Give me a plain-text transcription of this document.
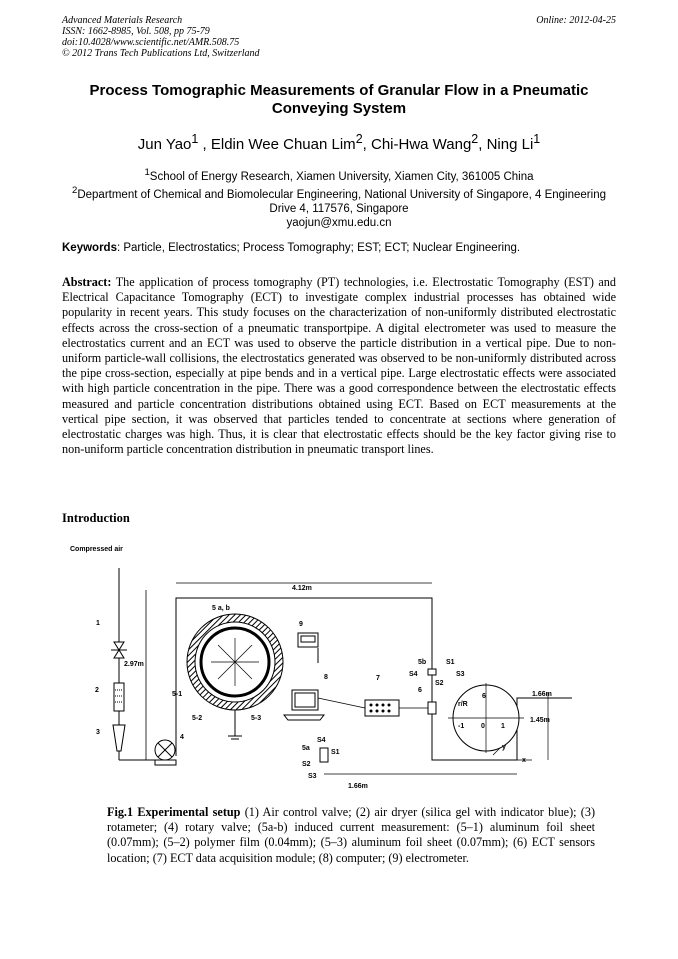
Advanced Materials Research
ISSN: 1662-8985, Vol. 508, pp 75-79
doi:10.4028/www.scientific.net/AMR.508.75
© 2012 Trans Tech Publications Ltd, Switzerland
Online: 2012-04-25
Process Tomographic Measurements of Granular Flow in a Pneumatic Conveying System
Jun Yao$^1$ , Eldin Wee Chuan Lim$^2$, Chi-Hwa Wang$^2$, Ning Li$^1$
$^1$School of Energy Research, Xiamen University, Xiamen City, 361005 China
$^2$Department of Chemical and Biomolecular Engineering, National University of Singapore, 4 Engineering Drive 4, 117576, Singapore
yaojun@xmu.edu.cn
Keywords: Particle, Electrostatics; Process Tomography; EST; ECT; Nuclear Engineering.
Abstract: The application of process tomography (PT) technologies, i.e. Electrostatic Tomography (EST) and Electrical Capacitance Tomography (ECT) to investigate complex industrial processes has obtained wide popularity in recent years. This study focuses on the characterization of non-uniformly distributed electrostatic effects across the cross-section of a pneumatic transportpipe. A digital electrometer was used to measure the electrostatics current and an ECT was used to observe the particle distribution in a vertical pipe. Due to non-uniform particle-wall collisions, the electrostatics generated was observed to be non-uniformly distributed across the pipe cross-section, especially at pipe bends and in a vertical pipe. Large electrostatic effects were associated with high particle concentration in the pipe. There was a good correspondence between the electrostatic effects measured and particle concentration distributions obtained using ECT. Based on ECT measurements at the vertical pipe section, it was observed that particles tended to concentrate at sections where generation of electrostatic charges was high. Thus, it is clear that electrostatic effects should be the key factor giving rise to non-uniform particle concentration distribution in pneumatic transport lines.
Introduction
Compressed air
1
2
3
2.97m
4
4.12m
5 a, b
5-1
5-2	5-3
9
8	7
5b
6
S4
S1
S3
S2
5a
S4
S1
S2
S3
1.66m
r/R
-1 0 1
6
y
x
1.45m
1.66m
Fig.1 Experimental setup (1) Air control valve; (2) air dryer (silica gel with indicator blue); (3) rotameter; (4) rotary valve; (5a-b) induced current measurement: (5–1) aluminum foil sheet (0.07mm); (5–2) polymer film (0.04mm); (5–3) aluminum foil sheet (0.07mm); (6) ECT sensors location; (7) ECT data acquisition module; (8) computer; (9) electrometer.
